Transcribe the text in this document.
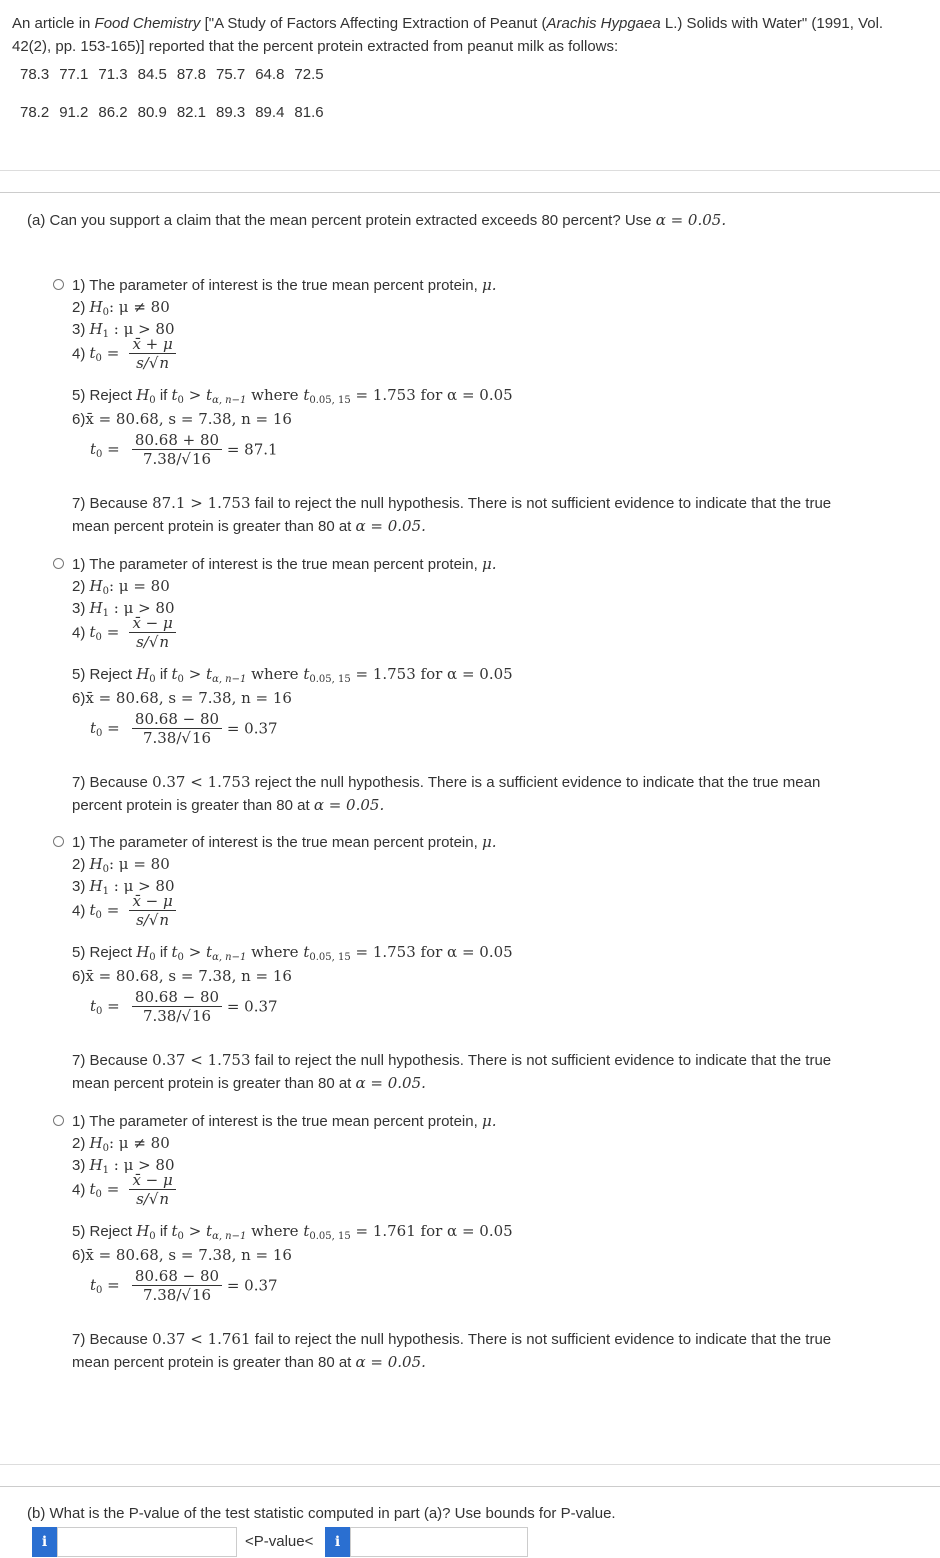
An article in Food Chemistry ["A Study of Factors Affecting Extraction of Peanut (Arachis Hypgaea L.) Solids with Water" (1991, Vol. 42(2), pp. 153-165)] reported that the percent protein extracted from peanut milk as follows:
78.3 77.1 71.3 84.5 87.8 75.7 64.8 72.5
78.2 91.2 86.2 80.9 82.1 89.3 89.4 81.6
(a) Can you support a claim that the mean percent protein extracted exceeds 80 percent? Use α = 0.05.
1) The parameter of interest is the true mean percent protein, μ.
2) $H_0$: μ ≠ 80
3) $H_1$ : μ > 80
4) $t_0 = \frac{x̄ + \mu}{s/√n}$
5) Reject $H_0$ if $t_0 > t_{\alpha, n-1}$ where $t_{0.05, 15} = 1.753$ for α = 0.05
6)x̄ = 80.68, s = 7.38, n = 16
$t_0 = \frac{80.68 + 80}{7.38/√16} = 87.1$
7) Because 87.1 > 1.753 fail to reject the null hypothesis. There is not sufficient evidence to indicate that the true mean percent protein is greater than 80 at α = 0.05.
1) The parameter of interest is the true mean percent protein, μ.
2) $H_0$: μ = 80
3) $H_1$ : μ > 80
4) $t_0 = \frac{x̄ - \mu}{s/√n}$
5) Reject $H_0$ if $t_0 > t_{\alpha, n-1}$ where $t_{0.05, 15} = 1.753$ for α = 0.05
6)x̄ = 80.68, s = 7.38, n = 16
$t_0 = \frac{80.68 - 80}{7.38/√16} = 0.37$
7) Because 0.37 < 1.753 reject the null hypothesis. There is a sufficient evidence to indicate that the true mean percent protein is greater than 80 at α = 0.05.
1) The parameter of interest is the true mean percent protein, μ.
2) $H_0$: μ = 80
3) $H_1$ : μ > 80
4) $t_0 = \frac{x̄ - \mu}{s/√n}$
5) Reject $H_0$ if $t_0 > t_{\alpha, n-1}$ where $t_{0.05, 15} = 1.753$ for α = 0.05
6)x̄ = 80.68, s = 7.38, n = 16
$t_0 = \frac{80.68 - 80}{7.38/√16} = 0.37$
7) Because 0.37 < 1.753 fail to reject the null hypothesis. There is not sufficient evidence to indicate that the true mean percent protein is greater than 80 at α = 0.05.
1) The parameter of interest is the true mean percent protein, μ.
2) $H_0$: μ ≠ 80
3) $H_1$ : μ > 80
4) $t_0 = \frac{x̄ - \mu}{s/√n}$
5) Reject $H_0$ if $t_0 > t_{\alpha, n-1}$ where $t_{0.05, 15} = 1.761$ for α = 0.05
6)x̄ = 80.68, s = 7.38, n = 16
$t_0 = \frac{80.68 - 80}{7.38/√16} = 0.37$
7) Because 0.37 < 1.761 fail to reject the null hypothesis. There is not sufficient evidence to indicate that the true mean percent protein is greater than 80 at α = 0.05.
(b) What is the P-value of the test statistic computed in part (a)? Use bounds for P-value.
i	<P-value<	i
